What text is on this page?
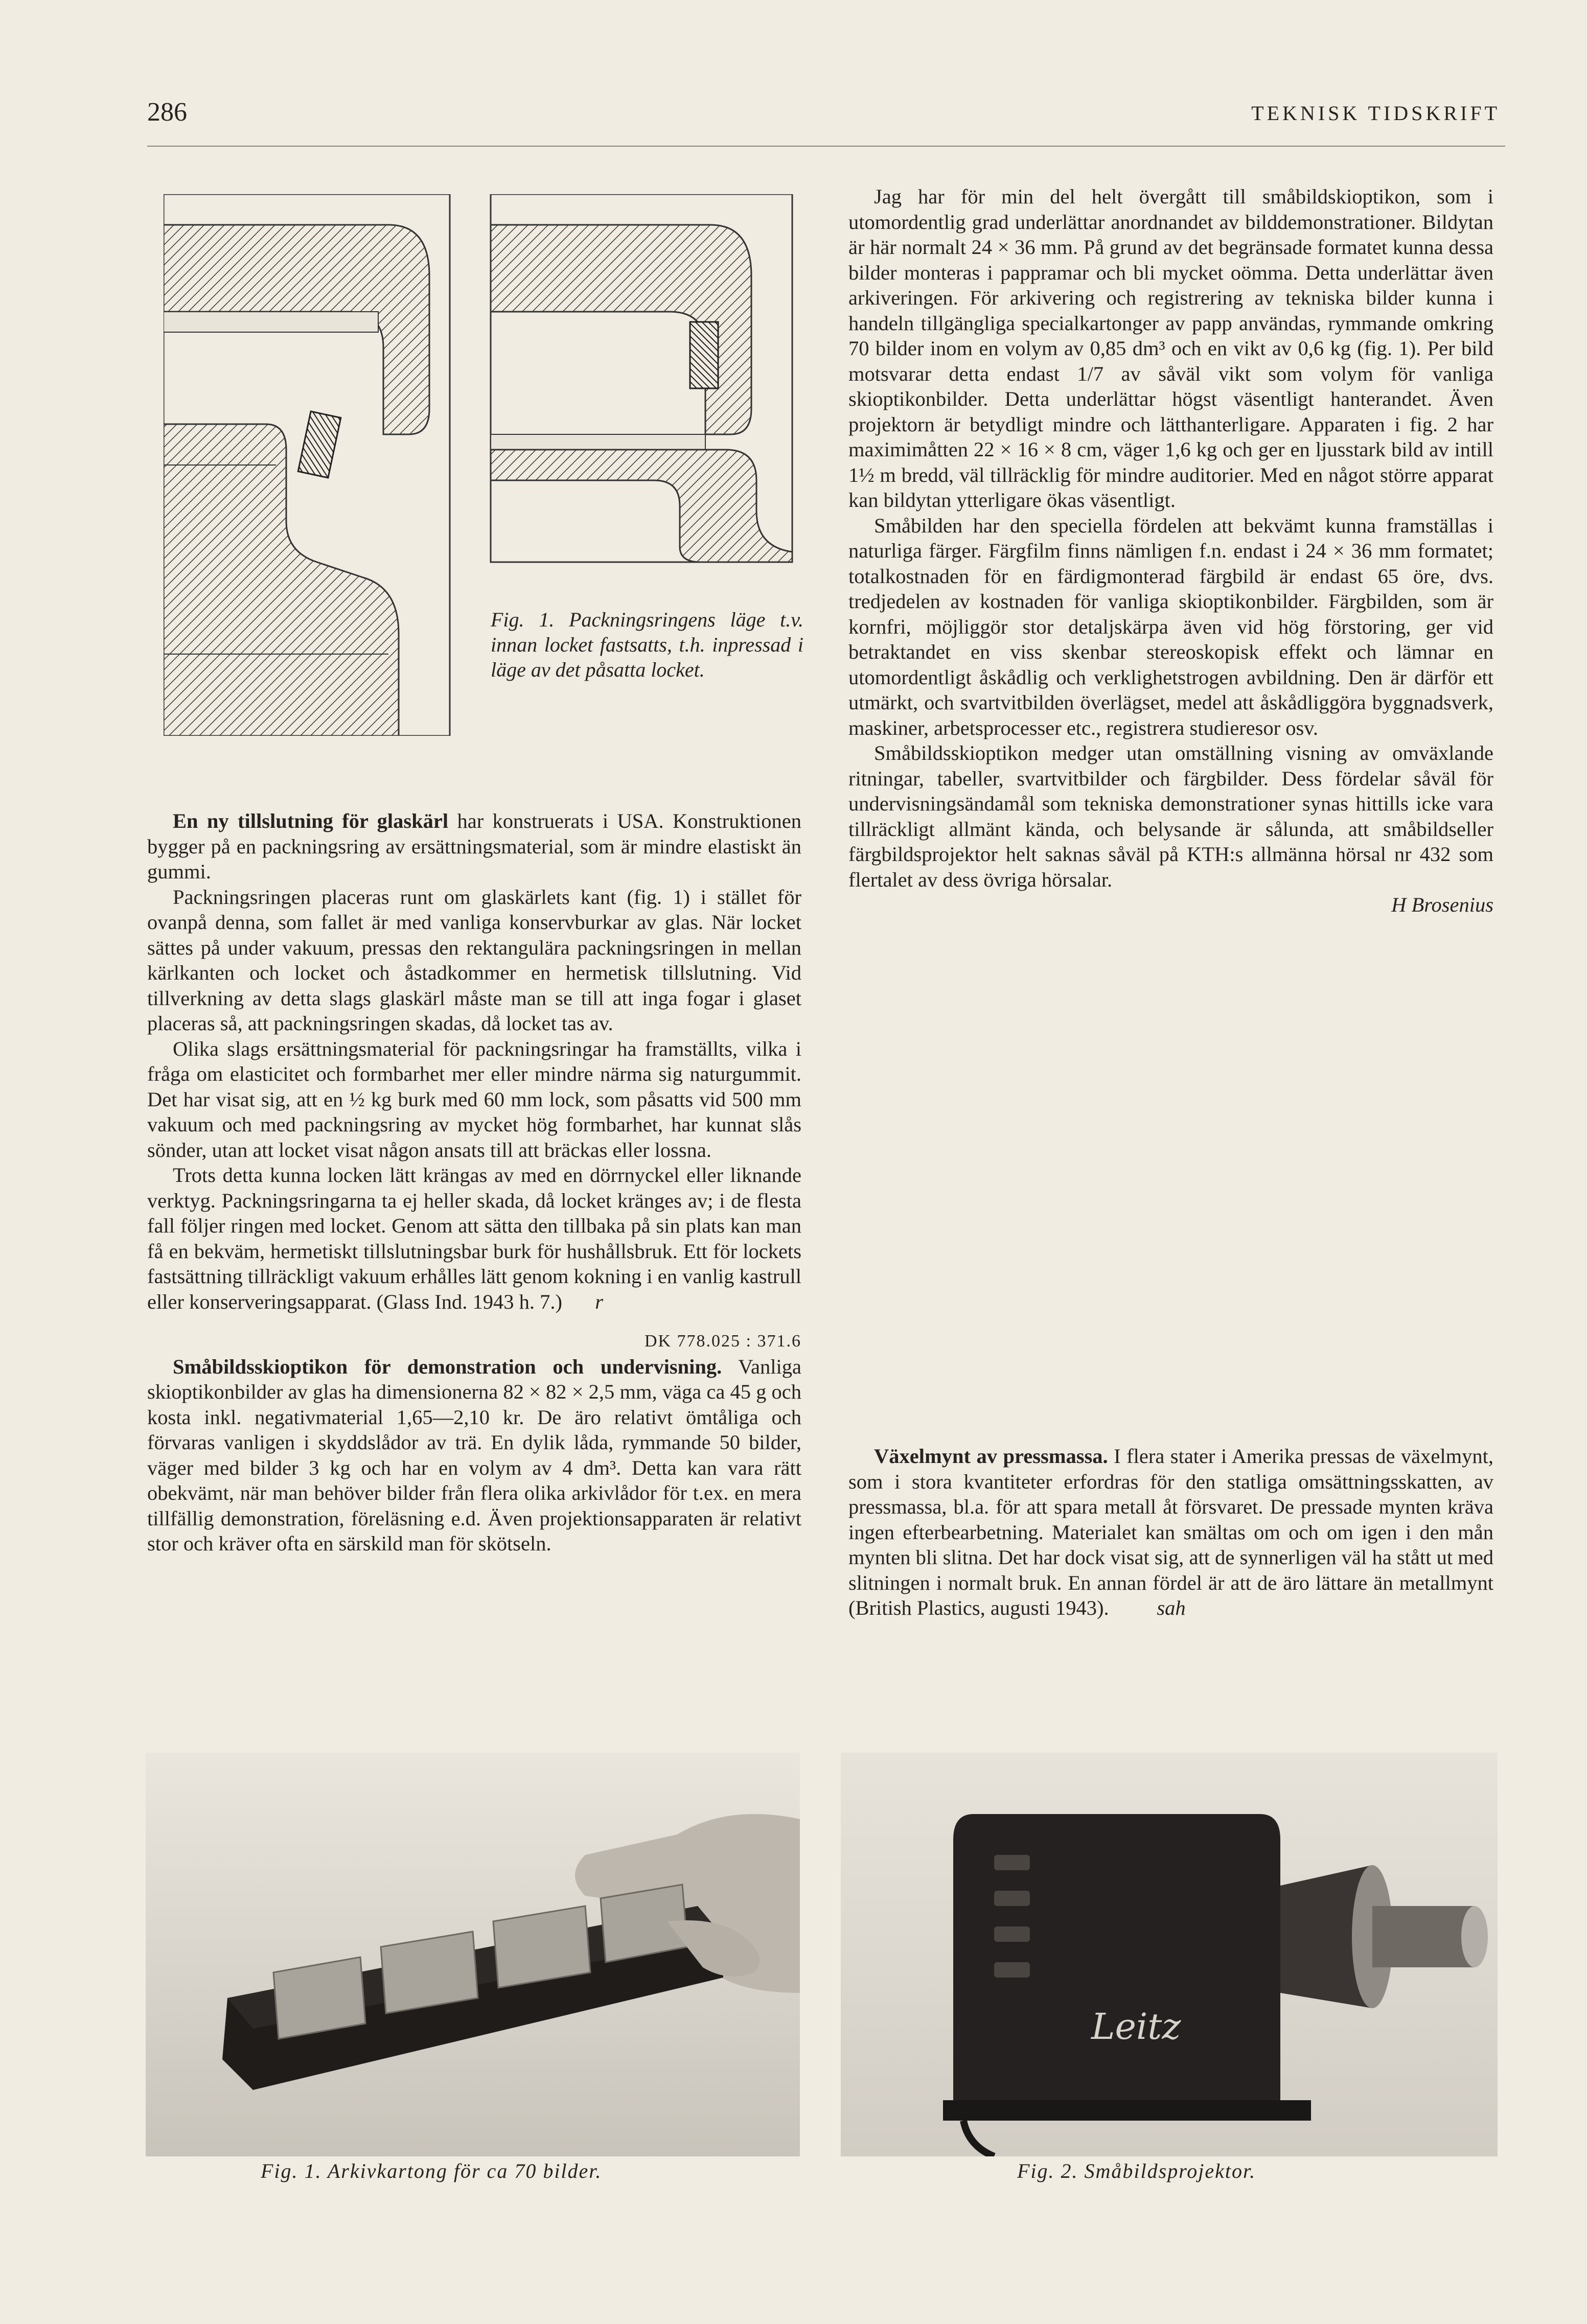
286	TEKNISK TIDSKRIFT
Fig. 1. Packningsringens läge t.v. innan locket fastsatts, t.h. inpressad i läge av det påsatta locket.

En ny tillslutning för glaskärl har konstruerats i USA. Konstruktionen bygger på en packningsring av ersättningsmaterial, som är mindre elastiskt än gummi.

Packningsringen placeras runt om glaskärlets kant (fig. 1) i stället för ovanpå denna, som fallet är med vanliga konservburkar av glas. När locket sättes på under vakuum, pressas den rektangulära packningsringen in mellan kärlkanten och locket och åstadkommer en hermetisk tillslutning. Vid tillverkning av detta slags glaskärl måste man se till att inga fogar i glaset placeras så, att packningsringen skadas, då locket tas av.

Olika slags ersättningsmaterial för packningsringar ha framställts, vilka i fråga om elasticitet och formbarhet mer eller mindre närma sig naturgummit. Det har visat sig, att en ½ kg burk med 60 mm lock, som påsatts vid 500 mm vakuum och med packningsring av mycket hög formbarhet, har kunnat slås sönder, utan att locket visat någon ansats till att bräckas eller lossna.

Trots detta kunna locken lätt krängas av med en dörrnyckel eller liknande verktyg. Packningsringarna ta ej heller skada, då locket kränges av; i de flesta fall följer ringen med locket. Genom att sätta den tillbaka på sin plats kan man få en bekväm, hermetiskt tillslutningsbar burk för hushållsbruk. Ett för lockets fastsättning tillräckligt vakuum erhålles lätt genom kokning i en vanlig kastrull eller konserveringsapparat. (Glass Ind. 1943 h. 7.) r

DK 778.025 : 371.6

Småbildsskioptikon för demonstration och undervisning. Vanliga skioptikonbilder av glas ha dimensionerna 82 × 82 × 2,5 mm, väga ca 45 g och kosta inkl. negativmaterial 1,65—2,10 kr. De äro relativt ömtåliga och förvaras vanligen i skyddslådor av trä. En dylik låda, rymmande 50 bilder, väger med bilder 3 kg och har en volym av 4 dm³. Detta kan vara rätt obekvämt, när man behöver bilder från flera olika arkivlådor för t.ex. en mera tillfällig demonstration, föreläsning e.d. Även projektionsapparaten är relativt stor och kräver ofta en särskild man för skötseln.

Jag har för min del helt övergått till småbildskioptikon, som i utomordentlig grad underlättar anordnandet av bilddemonstrationer. Bildytan är här normalt 24 × 36 mm. På grund av det begränsade formatet kunna dessa bilder monteras i pappramar och bli mycket oömma. Detta underlättar även arkiveringen. För arkivering och registrering av tekniska bilder kunna i handeln tillgängliga specialkartonger av papp användas, rymmande omkring 70 bilder inom en volym av 0,85 dm³ och en vikt av 0,6 kg (fig. 1). Per bild motsvarar detta endast 1/7 av såväl vikt som volym för vanliga skioptikonbilder. Detta underlättar högst väsentligt hanterandet. Även projektorn är betydligt mindre och lätthanterligare. Apparaten i fig. 2 har maximimåtten 22 × 16 × 8 cm, väger 1,6 kg och ger en ljusstark bild av intill 1½ m bredd, väl tillräcklig för mindre auditorier. Med en något större apparat kan bildytan ytterligare ökas väsentligt.

Småbilden har den speciella fördelen att bekvämt kunna framställas i naturliga färger. Färgfilm finns nämligen f.n. endast i 24 × 36 mm formatet; totalkostnaden för en färdigmonterad färgbild är endast 65 öre, dvs. tredjedelen av kostnaden för vanliga skioptikonbilder. Färgbilden, som är kornfri, möjliggör stor detaljskärpa även vid hög förstoring, ger vid betraktandet en viss skenbar stereoskopisk effekt och lämnar en utomordentligt åskådlig och verklighetstrogen avbildning. Den är därför ett utmärkt, och svartvitbilden överlägset, medel att åskådliggöra byggnadsverk, maskiner, arbetsprocesser etc., registrera studieresor osv.

Småbildsskioptikon medger utan omställning visning av omväxlande ritningar, tabeller, svartvitbilder och färgbilder. Dess fördelar såväl för undervisningsändamål som tekniska demonstrationer synas hittills icke vara tillräckligt allmänt kända, och belysande är sålunda, att småbildseller färgbildsprojektor helt saknas såväl på KTH:s allmänna hörsal nr 432 som flertalet av dess övriga hörsalar.

H Brosenius

Växelmynt av pressmassa. I flera stater i Amerika pressas de växelmynt, som i stora kvantiteter erfordras för den statliga omsättningsskatten, av pressmassa, bl.a. för att spara metall åt försvaret. De pressade mynten kräva ingen efterbearbetning. Materialet kan smältas om och om igen i den mån mynten bli slitna. Det har dock visat sig, att de synnerligen väl ha stått ut med slitningen i normalt bruk. En annan fördel är att de äro lättare än metallmynt (British Plastics, augusti 1943). sah

Leitz
Fig. 1. Arkivkartong för ca 70 bilder.	Fig. 2. Småbildsprojektor.
